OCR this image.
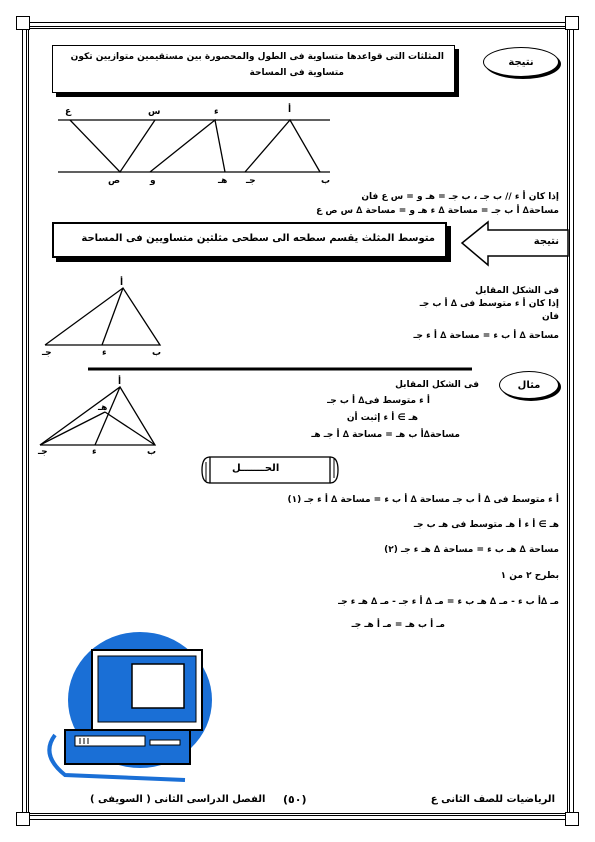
المثلثات التى قواعدها متساوية فى الطول والمحصورة بين مستقيمين متوازيين تكون
متساوية فى المساحة
نتيجة
ع	س	ء	أ
ص	و	هـ جـ	ب
إذا كان أ ء // ب جـ ، ب جـ = هـ و = س ع فان
مساحة∆ أ ب جـ = مساحة ∆ ء هـ و = مساحة ∆ س ص ع
متوسط المثلث يقسم سطحه الى سطحى مثلثين متساويين فى المساحة	نتيجة
فى الشكل المقابل
إذا كان أ ء متوسط فى ∆ أ ب جـ
فان
مساحة ∆ أ ب ء = مساحة ∆ أ ء جـ
أ
جـ	ء	ب
مثال
فى الشكل المقابل
أ ء متوسط فى∆ أ ب جـ
هـ ∋ أ ء إثبت أن
مساحة∆أ ب هـ = مساحة ∆ أ جـ هـ
أ
هـ
جـ	ء	ب
الحـــــــل
أ ء متوسط فى ∆ أ ب جـ مساحة ∆ أ ب ء = مساحة ∆ أ ء جـ (١)
هـ ∋ أ ء أ هـ متوسط فى هـ ب جـ
مساحة ∆ هـ ب ء = مساحة ∆ هـ ء جـ (٢)
بطرح ٢ من ١
مـ ∆أ ب ء - مـ ∆ هـ ب ء = مـ ∆ أ ء جـ - مـ ∆ هـ ء جـ
مـ أ ب هـ = مـ أ هـ جـ
الفصل الدراسى الثانى ( السويفى ) (٥٠)	الرياضيات للصف الثانى ع
